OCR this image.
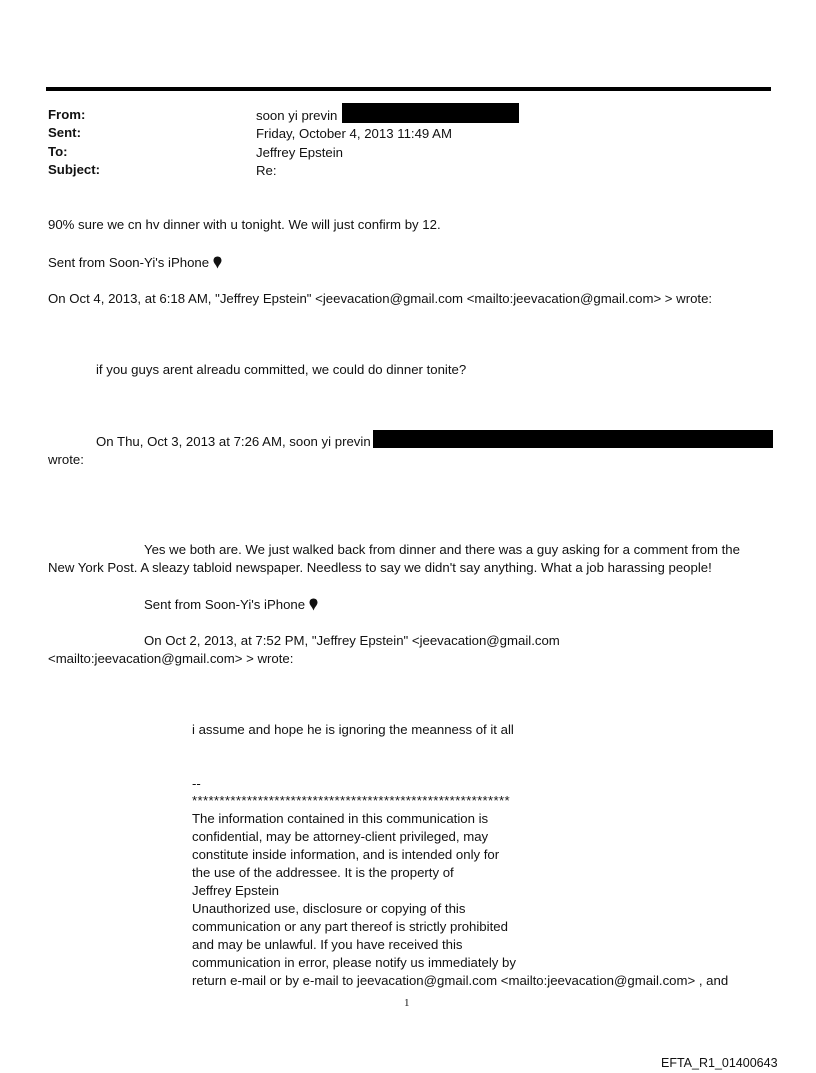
From:	soon yi previn
Sent:	Friday, October 4, 2013 11:49 AM
To:	Jeffrey Epstein
Subject:	Re:
90% sure we cn hv dinner with u tonight. We will just confirm by 12.
Sent from Soon-Yi's iPhone
On Oct 4, 2013, at 6:18 AM, "Jeffrey Epstein" <jeevacation@gmail.com <mailto:jeevacation@gmail.com> > wrote:
if you guys arent alreadu committed, we could do dinner tonite?
On Thu, Oct 3, 2013 at 7:26 AM, soon yi previn
wrote:
Yes we both are. We just walked back from dinner and there was a guy asking for a comment from the
New York Post. A sleazy tabloid newspaper. Needless to say we didn't say anything. What a job harassing people!
Sent from Soon-Yi's iPhone
On Oct 2, 2013, at 7:52 PM, "Jeffrey Epstein" <jeevacation@gmail.com
<mailto:jeevacation@gmail.com> > wrote:
i assume and hope he is ignoring the meanness of it all
--
**********************************************************
The information contained in this communication is
confidential, may be attorney-client privileged, may
constitute inside information, and is intended only for
the use of the addressee. It is the property of
Jeffrey Epstein
Unauthorized use, disclosure or copying of this
communication or any part thereof is strictly prohibited
and may be unlawful. If you have received this
communication in error, please notify us immediately by
return e-mail or by e-mail to jeevacation@gmail.com <mailto:jeevacation@gmail.com> , and
1
EFTA_R1_01400643
